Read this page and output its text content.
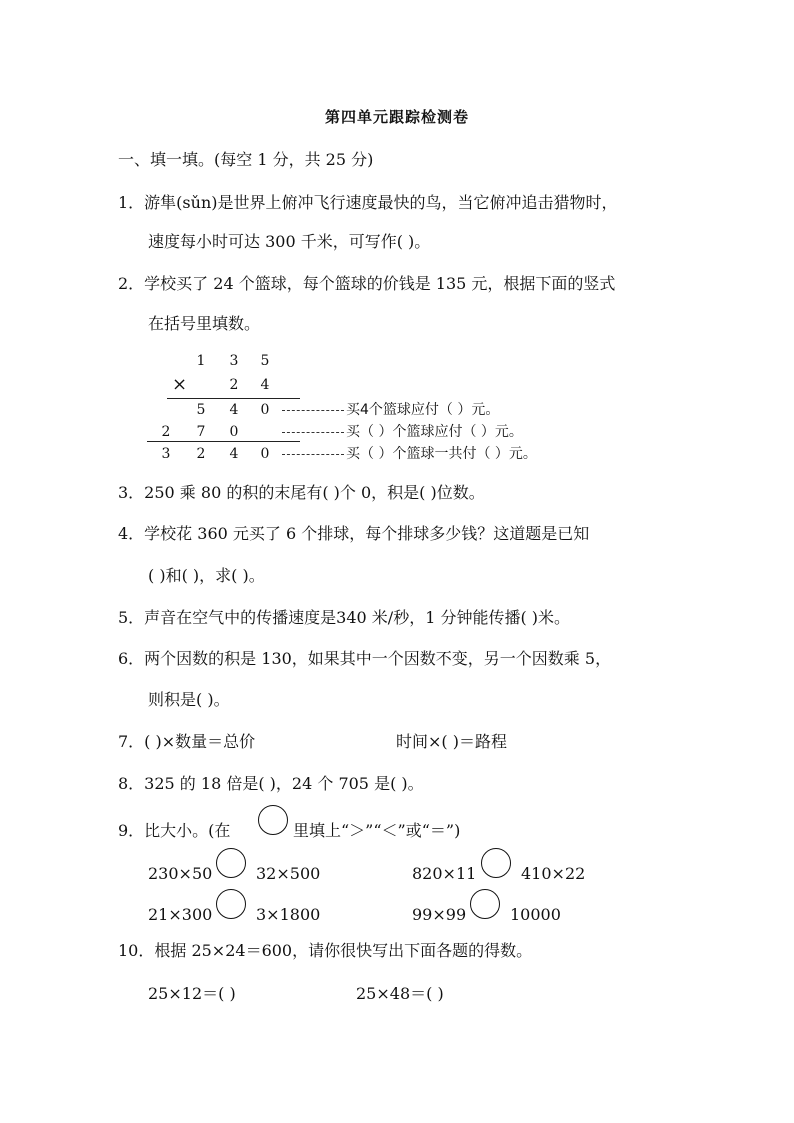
第四单元跟踪检测卷
一、填一填。(每空 1 分，共 25 分)
1．游隼(sǔn)是世界上俯冲飞行速度最快的鸟，当它俯冲追击猎物时，
速度每小时可达 300 千米，可写作( )。
2．学校买了 24 个篮球，每个篮球的价钱是 135 元，根据下面的竖式
在括号里填数。
1 3 5
×	2 4
5 4 0
2 7 0
3 2 4 0
买4个篮球应付（ ）元。
买（ ）个篮球应付（ ）元。
买（ ）个篮球一共付（ ）元。
3．250 乘 80 的积的末尾有( )个 0，积是( )位数。
4．学校花 360 元买了 6 个排球，每个排球多少钱？这道题是已知
( )和( )，求( )。
5．声音在空气中的传播速度是340 米/秒，1 分钟能传播( )米。
6．两个因数的积是 130，如果其中一个因数不变，另一个因数乘 5，
则积是( )。
7．( )×数量＝总价	时间×( )＝路程
8．325 的 18 倍是( )，24 个 705 是( )。
9．比大小。(在	里填上“＞”“＜”或“＝”)
230×50	32×500	820×11	410×22
21×300	3×1800	99×99	10000
10．根据 25×24＝600，请你很快写出下面各题的得数。
25×12＝( )	25×48＝( )
